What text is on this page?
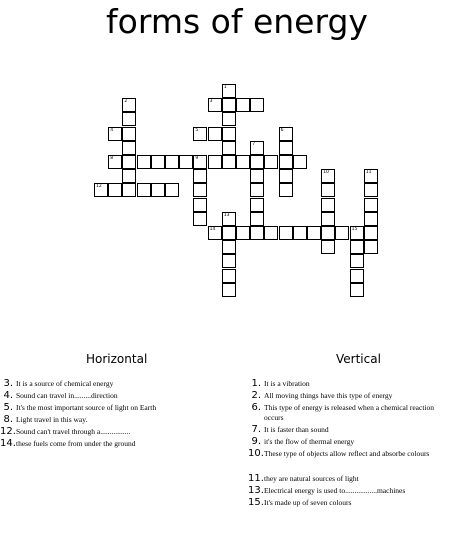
forms of energy
3
4	5
8	9
12
14	15
1
2
6
7
10	11
13
Horizontal	Vertical
3. It is a source of chemical energy
4. Sound can travel in.........direction
5. It's the most important source of light on Earth
8. Light travel in this way.
12.Sound can't travel through a................
14.these fuels come from under the ground
1. It is a vibration
2. All moving things have this type of energy
6. This type of energy is released when a chemical reaction
occurs
7. It is faster than sound
9. it's the flow of thermal energy
10.These type of objects allow reflect and absorbe colours
11.they are natural sources of light
13.Electrical energy is used to.................machines
15.It's made up of seven colours
